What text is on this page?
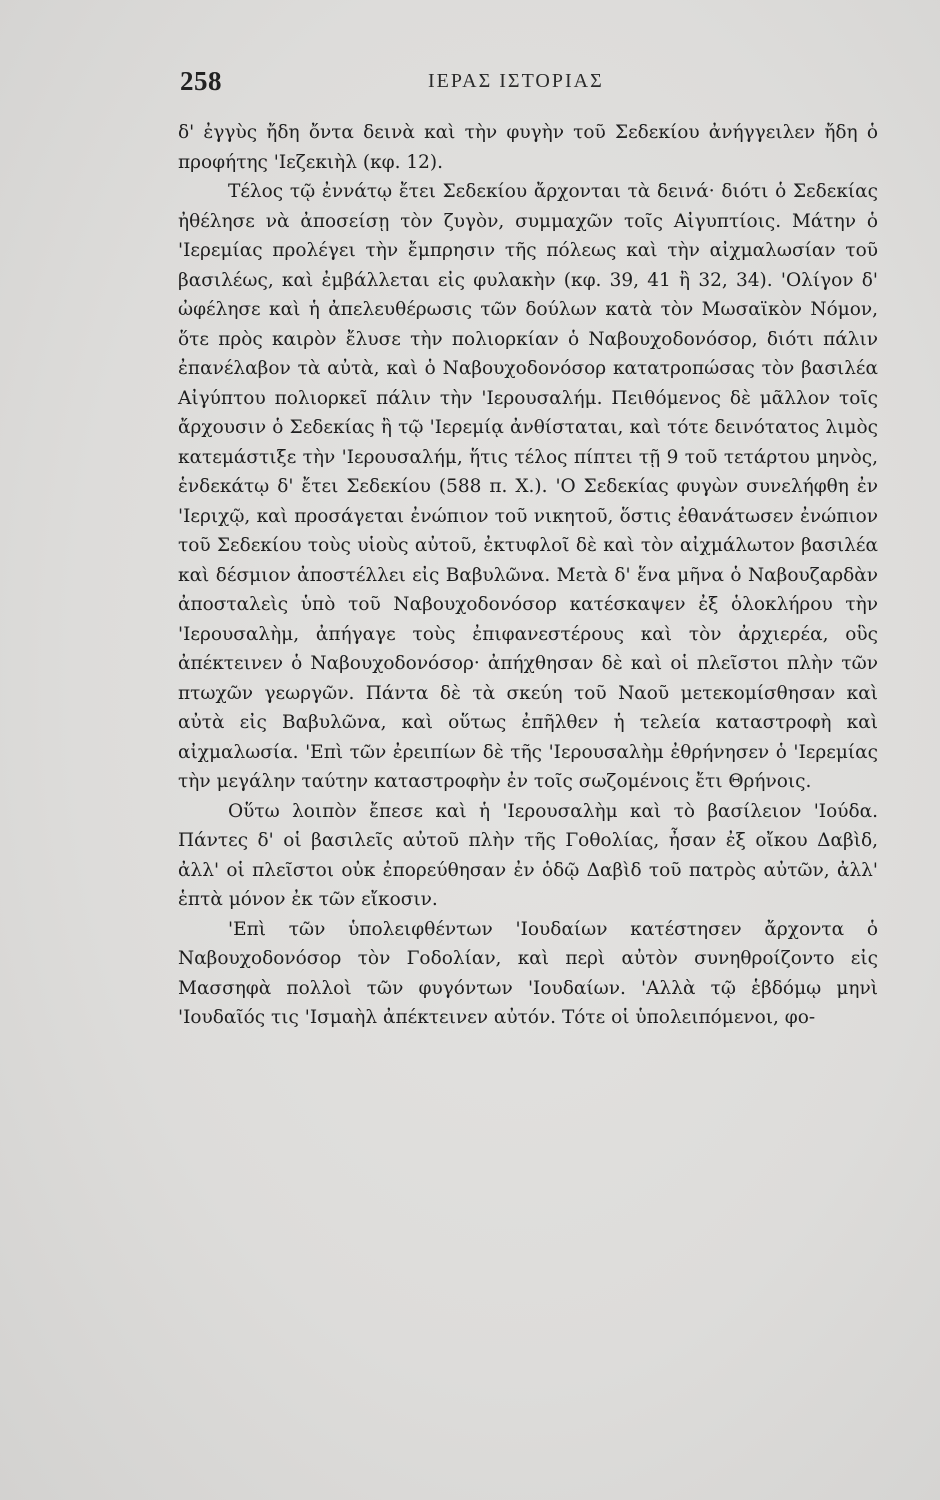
258	ΙΕΡΑΣ ΙΣΤΟΡΙΑΣ

δ' ἐγγὺς ἤδη ὄντα δεινὰ καὶ τὴν φυγὴν τοῦ Σεδεκίου ἀνήγγειλεν ἤδη ὁ προφήτης 'Ιεζεκιὴλ (κφ. 12).

Τέλος τῷ ἐννάτῳ ἔτει Σεδεκίου ἄρχονται τὰ δεινά· διότι ὁ Σεδεκίας ἠθέλησε νὰ ἀποσείσῃ τὸν ζυγὸν, συμμαχῶν τοῖς Αἰγυπτίοις. Μάτην ὁ 'Ιερεμίας προλέγει τὴν ἔμπρησιν τῆς πόλεως καὶ τὴν αἰχμαλωσίαν τοῦ βασιλέως, καὶ ἐμβάλλεται εἰς φυλακὴν (κφ. 39, 41 ἢ 32, 34). 'Ολίγον δ' ὠφέλησε καὶ ἡ ἀπελευθέρωσις τῶν δούλων κατὰ τὸν Μωσαϊκὸν Νόμον, ὅτε πρὸς καιρὸν ἔλυσε τὴν πολιορκίαν ὁ Ναβουχοδονόσορ, διότι πάλιν ἐπανέλαβον τὰ αὐτὰ, καὶ ὁ Ναβουχοδονόσορ κατατροπώσας τὸν βασιλέα Αἰγύπτου πολιορκεῖ πάλιν τὴν 'Ιερουσαλήμ. Πειθόμενος δὲ μᾶλλον τοῖς ἄρχουσιν ὁ Σεδεκίας ἢ τῷ 'Ιερεμίᾳ ἀνθίσταται, καὶ τότε δεινότατος λιμὸς κατεμάστιξε τὴν 'Ιερουσαλήμ, ἥτις τέλος πίπτει τῇ 9 τοῦ τετάρτου μηνὸς, ἑνδεκάτῳ δ' ἔτει Σεδεκίου (588 π. Χ.). 'Ο Σεδεκίας φυγὼν συνελήφθη ἐν 'Ιεριχῷ, καὶ προσάγεται ἐνώπιον τοῦ νικητοῦ, ὅστις ἐθανάτωσεν ἐνώπιον τοῦ Σεδεκίου τοὺς υἱοὺς αὐτοῦ, ἐκτυφλοῖ δὲ καὶ τὸν αἰχμάλωτον βασιλέα καὶ δέσμιον ἀποστέλλει εἰς Βαβυλῶνα. Μετὰ δ' ἕνα μῆνα ὁ Ναβουζαρδὰν ἀποσταλεὶς ὑπὸ τοῦ Ναβουχοδονόσορ κατέσκαψεν ἐξ ὁλοκλήρου τὴν 'Ιερουσαλὴμ, ἀπήγαγε τοὺς ἐπιφανεστέρους καὶ τὸν ἀρχιερέα, οὓς ἀπέκτεινεν ὁ Ναβουχοδονόσορ· ἀπήχθησαν δὲ καὶ οἱ πλεῖστοι πλὴν τῶν πτωχῶν γεωργῶν. Πάντα δὲ τὰ σκεύη τοῦ Ναοῦ μετεκομίσθησαν καὶ αὐτὰ εἰς Βαβυλῶνα, καὶ οὕτως ἐπῆλθεν ἡ τελεία καταστροφὴ καὶ αἰχμαλωσία. 'Επὶ τῶν ἐρειπίων δὲ τῆς 'Ιερουσαλὴμ ἐθρήνησεν ὁ 'Ιερεμίας τὴν μεγάλην ταύτην καταστροφὴν ἐν τοῖς σωζομένοις ἔτι Θρήνοις.

Οὕτω λοιπὸν ἔπεσε καὶ ἡ 'Ιερουσαλὴμ καὶ τὸ βασίλειον 'Ιούδα. Πάντες δ' οἱ βασιλεῖς αὐτοῦ πλὴν τῆς Γοθολίας, ἦσαν ἐξ οἴκου Δαβὶδ, ἀλλ' οἱ πλεῖστοι οὐκ ἐπορεύθησαν ἐν ὁδῷ Δαβὶδ τοῦ πατρὸς αὐτῶν, ἀλλ' ἑπτὰ μόνον ἐκ τῶν εἴκοσιν.

'Επὶ τῶν ὑπολειφθέντων 'Ιουδαίων κατέστησεν ἄρχοντα ὁ Ναβουχοδονόσορ τὸν Γοδολίαν, καὶ περὶ αὐτὸν συνηθροίζοντο εἰς Μασσηφὰ πολλοὶ τῶν φυγόντων 'Ιουδαίων. 'Αλλὰ τῷ ἑβδόμῳ μηνὶ 'Ιουδαῖός τις 'Ισμαὴλ ἀπέκτεινεν αὐτόν. Τότε οἱ ὑπολειπόμενοι, φο-
